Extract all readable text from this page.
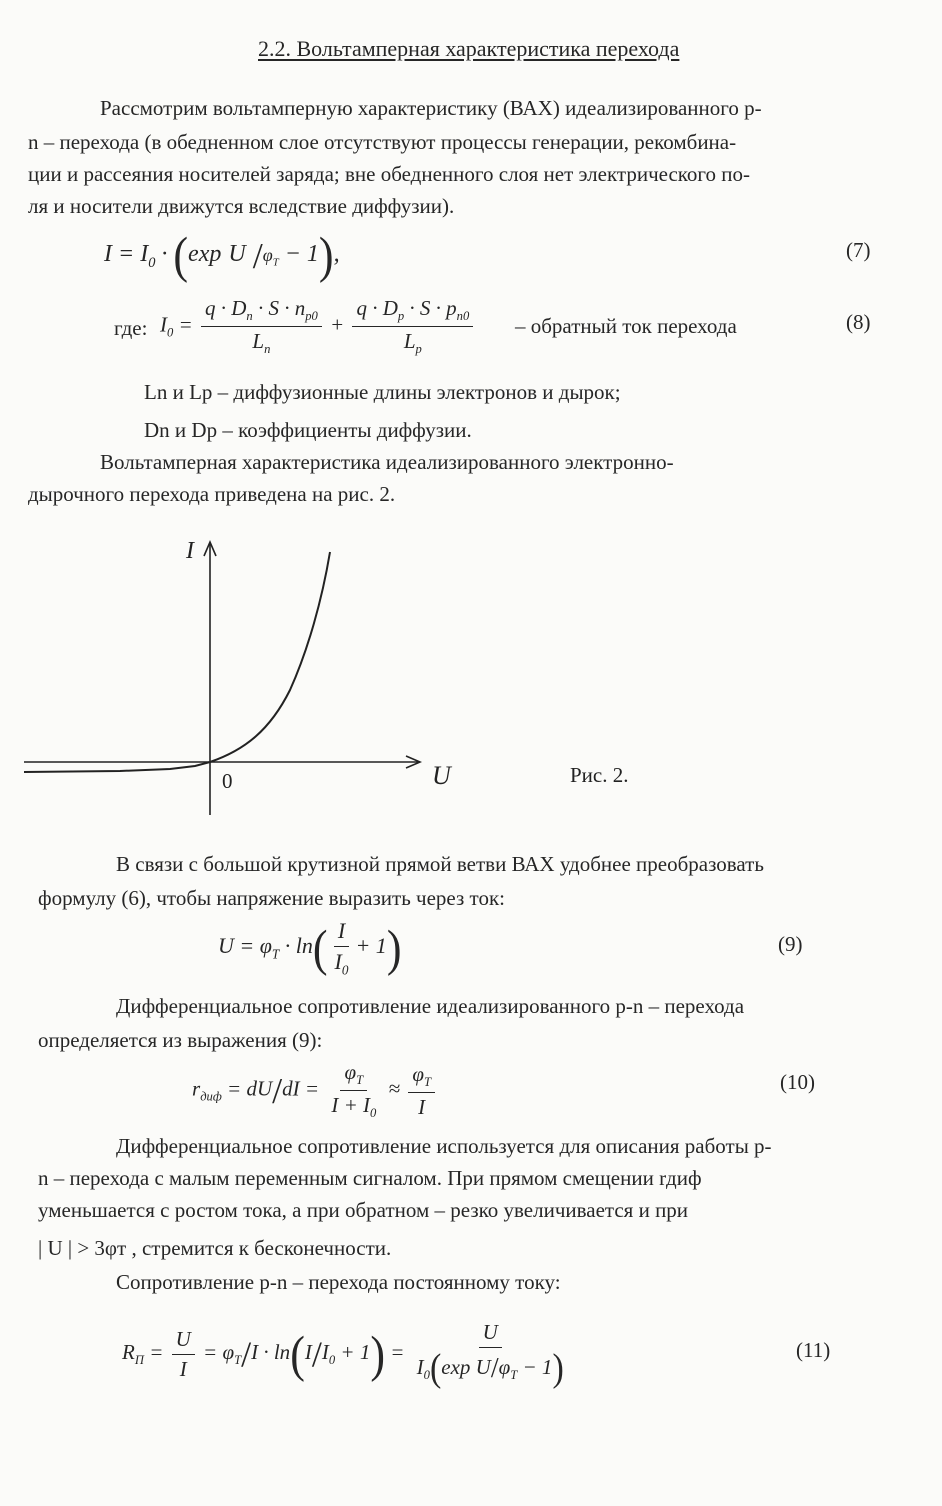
2.2. Вольтамперная характеристика перехода
Рассмотрим вольтамперную характеристику (ВАХ) идеализированного р-
n – перехода (в обедненном слое отсутствуют процессы генерации, рекомбина-
ции и рассеяния носителей заряда; вне обедненного слоя нет электрического по-
ля и носители движутся вследствие диффузии).
$I = I_0 \cdot (\exp$ U $/\varphi_T - 1$),	(7)
где: $I_0 = \frac{q \cdot D_n \cdot S \cdot n_{p0}}{L_n} + \frac{q \cdot D_p \cdot S \cdot p_{n0}}{L_p}$ – обратный ток перехода	(8)
Ln и Lp – диффузионные длины электронов и дырок;
Dn и Dp – коэффициенты диффузии.
Вольтамперная характеристика идеализированного электронно-
дырочного перехода приведена на рис. 2.
I
U
0	Рис. 2.
В связи с большой крутизной прямой ветви ВАХ удобнее преобразовать
формулу (6), чтобы напряжение выразить через ток:
$U = \varphi_T \cdot \ln( \frac{I}{I_0} + 1)$	(9)
Дифференциальное сопротивление идеализированного p-n – перехода
определяется из выражения (9):
$r_{диф} = dU/dI = \frac{\varphi_T}{I + I_0} \approx \frac{\varphi_T}{I}$	(10)
Дифференциальное сопротивление используется для описания работы р-
n – перехода с малым переменным сигналом. При прямом смещении rдиф
уменьшается с ростом тока, а при обратном – резко увеличивается и при
| U | > 3φт , стремится к бесконечности.
Сопротивление p-n – перехода постоянному току:
$R_П = \frac{U}{I} = \varphi_T/I \cdot \ln(I/I_0 + 1) = \frac{U}{I_0(\exp U/\varphi_T - 1)}$	(11)
